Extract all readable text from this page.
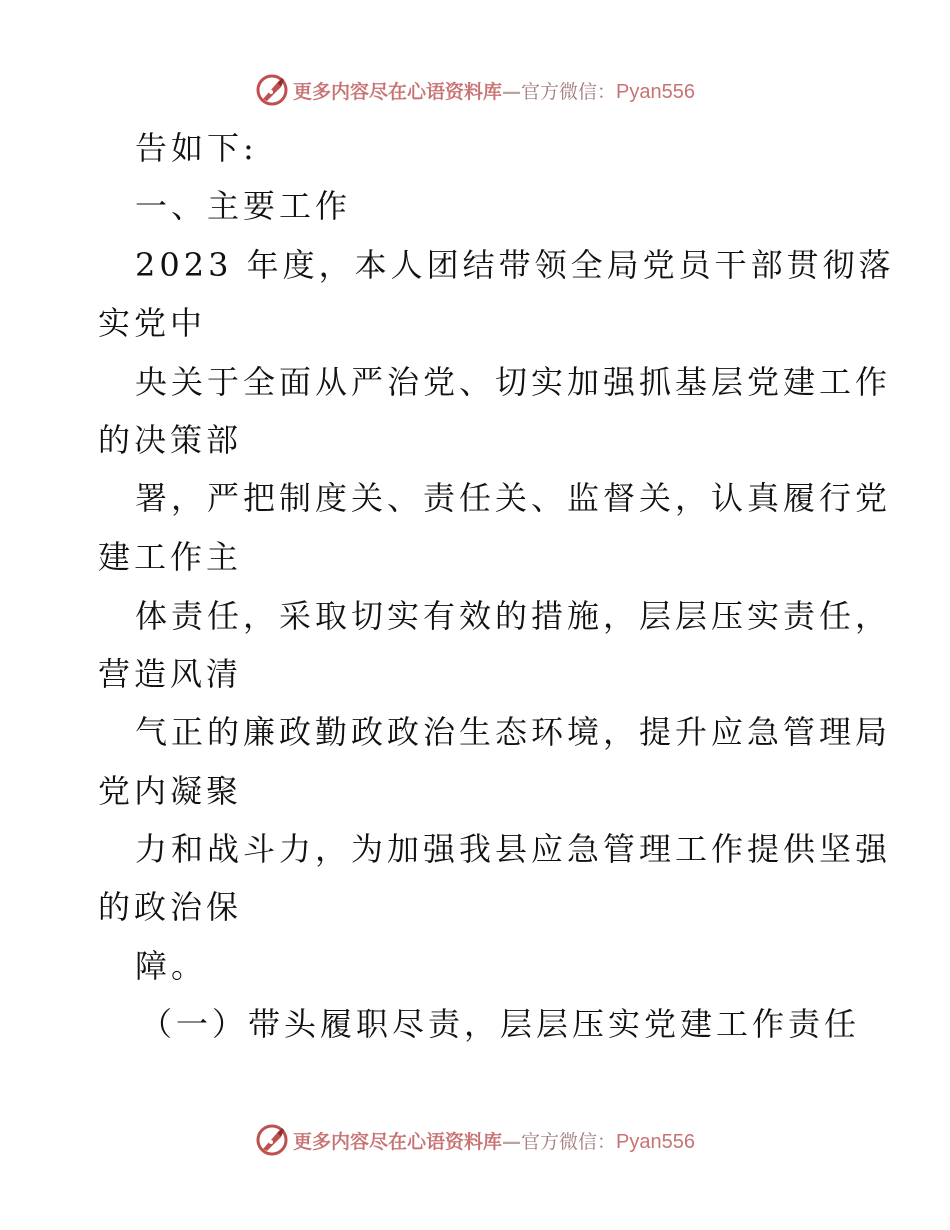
更多内容尽在心语资料库—官方微信：Pyan556
告如下:
一、主要工作
2023 年度，本人团结带领全局党员干部贯彻落
实党中
央关于全面从严治党、切实加强抓基层党建工作
的决策部
署，严把制度关、责任关、监督关，认真履行党
建工作主
体责任，采取切实有效的措施，层层压实责任，
营造风清
气正的廉政勤政政治生态环境，提升应急管理局
党内凝聚
力和战斗力，为加强我县应急管理工作提供坚强
的政治保
障。
（一）带头履职尽责，层层压实党建工作责任
更多内容尽在心语资料库—官方微信：Pyan556
